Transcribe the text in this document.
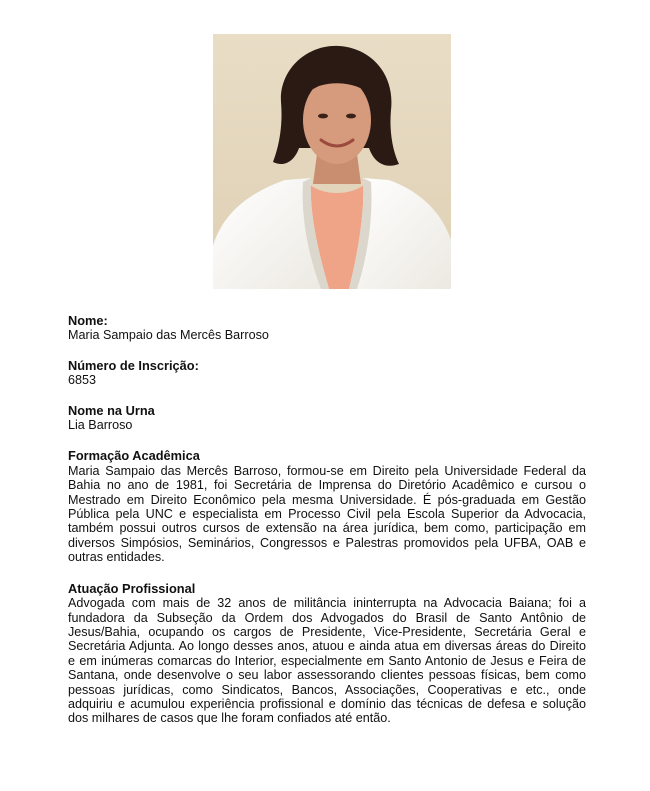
Nome:
Maria Sampaio das Mercês Barroso
Número de Inscrição:
6853
Nome na Urna
Lia Barroso
Formação Acadêmica

Maria Sampaio das Mercês Barroso, formou-se em Direito pela Universidade Federal da Bahia no ano de 1981, foi Secretária de Imprensa do Diretório Acadêmico e cursou o Mestrado em Direito Econômico pela mesma Universidade. É pós-graduada em Gestão Pública pela UNC e especialista em Processo Civil pela Escola Superior da Advocacia, também possui outros cursos de extensão na área jurídica, bem como, participação em diversos Simpósios, Seminários, Congressos e Palestras promovidos pela UFBA, OAB e outras entidades.

Atuação Profissional

Advogada com mais de 32 anos de militância ininterrupta na Advocacia Baiana; foi a fundadora da Subseção da Ordem dos Advogados do Brasil de Santo Antônio de Jesus/Bahia, ocupando os cargos de Presidente, Vice-Presidente, Secretária Geral e Secretária Adjunta. Ao longo desses anos, atuou e ainda atua em diversas áreas do Direito e em inúmeras comarcas do Interior, especialmente em Santo Antonio de Jesus e Feira de Santana, onde desenvolve o seu labor assessorando clientes pessoas físicas, bem como pessoas jurídicas, como Sindicatos, Bancos, Associações, Cooperativas e etc., onde adquiriu e acumulou experiência profissional e domínio das técnicas de defesa e solução dos milhares de casos que lhe foram confiados até então.
